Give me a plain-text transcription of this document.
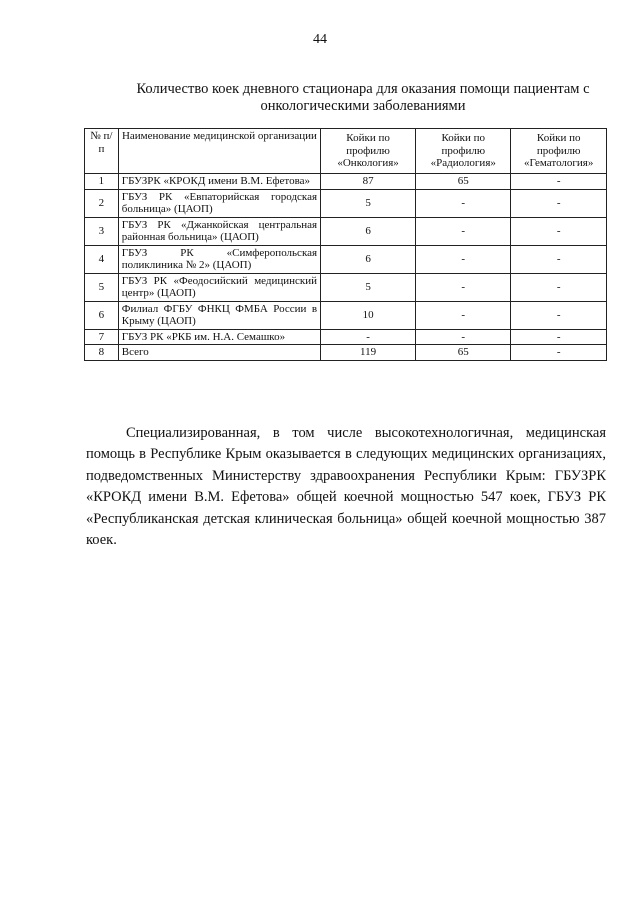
44
Количество коек дневного стационара для оказания помощи пациентам с онкологическими заболеваниями
№ п/п	Наименование медицинской организации	Койки по профилю «Онкология»	Койки по профилю «Радиология»	Койки по профилю «Гематология»
1	ГБУЗРК «КРОКД имени В.М. Ефетова»	87	65	-
2	ГБУЗ РК «Евпаторийская городская больница» (ЦАОП)	5	-	-
3	ГБУЗ РК «Джанкойская центральная районная больница» (ЦАОП)	6	-	-
4	ГБУЗ РК «Симферопольская поликлиника № 2» (ЦАОП)	6	-	-
5	ГБУЗ РК «Феодосийский медицинский центр» (ЦАОП)	5	-	-
6	Филиал ФГБУ ФНКЦ ФМБА России в Крыму (ЦАОП)	10	-	-
7	ГБУЗ РК «РКБ им. Н.А. Семашко»	-	-	-
8	Всего	119	65	-

Специализированная, в том числе высокотехнологичная, медицинская помощь в Республике Крым оказывается в следующих медицинских организациях, подведомственных Министерству здравоохранения Республики Крым: ГБУЗРК «КРОКД имени В.М. Ефетова» общей коечной мощностью 547 коек, ГБУЗ РК «Республиканская детская клиническая больница» общей коечной мощностью 387 коек.
